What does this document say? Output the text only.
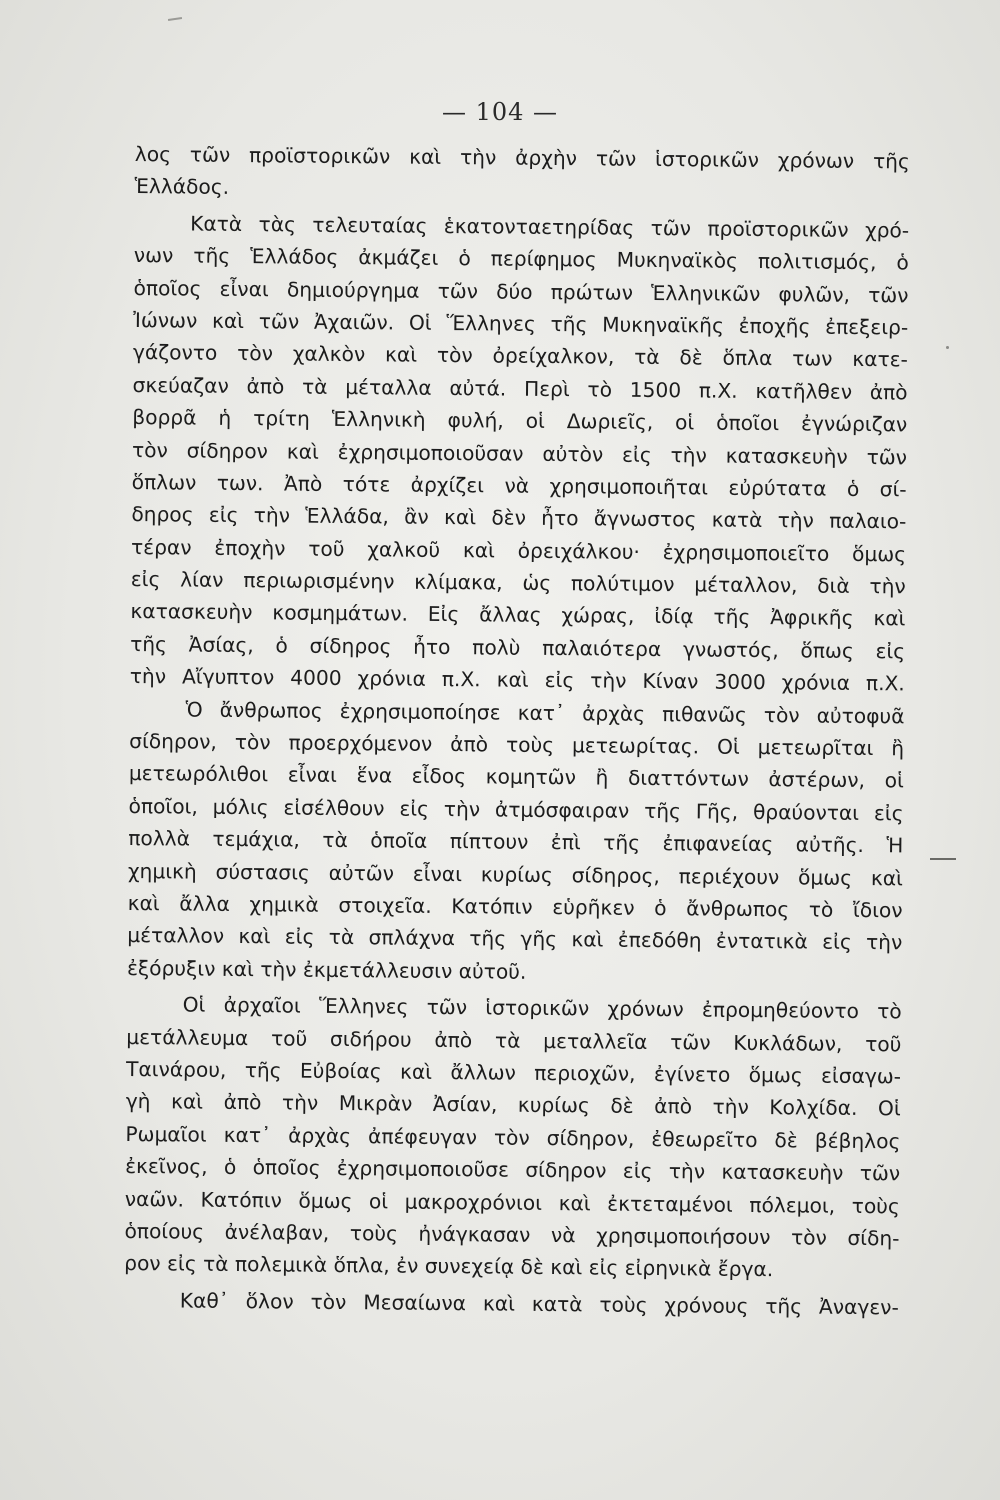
— 104 —
λος τῶν προϊστορικῶν καὶ τὴν ἀρχὴν τῶν ἱστορικῶν χρόνων τῆς
Ἑλλάδος.
Κατὰ τὰς τελευταίας ἑκατονταετηρίδας τῶν προϊστορικῶν χρό-
νων τῆς Ἑλλάδος ἀκμάζει ὁ περίφημος Μυκηναϊκὸς πολιτισμός, ὁ
ὁποῖος εἶναι δημιούργημα τῶν δύο πρώτων Ἑλληνικῶν φυλῶν, τῶν
Ἰώνων καὶ τῶν Ἀχαιῶν. Οἱ Ἕλληνες τῆς Μυκηναϊκῆς ἐποχῆς ἐπεξειρ-
γάζοντο τὸν χαλκὸν καὶ τὸν ὀρείχαλκον, τὰ δὲ ὅπλα των κατε-
σκεύαζαν ἀπὸ τὰ μέταλλα αὐτά. Περὶ τὸ 1500 π.Χ. κατῆλθεν ἀπὸ
βορρᾶ ἡ τρίτη Ἑλληνικὴ φυλή, οἱ Δωριεῖς, οἱ ὁποῖοι ἐγνώριζαν
τὸν σίδηρον καὶ ἐχρησιμοποιοῦσαν αὐτὸν εἰς τὴν κατασκευὴν τῶν
ὅπλων των. Ἀπὸ τότε ἀρχίζει νὰ χρησιμοποιῆται εὐρύτατα ὁ σί-
δηρος εἰς τὴν Ἑλλάδα, ἂν καὶ δὲν ἦτο ἄγνωστος κατὰ τὴν παλαιο-
τέραν ἐποχὴν τοῦ χαλκοῦ καὶ ὀρειχάλκου· ἐχρησιμοποιεῖτο ὅμως
εἰς λίαν περιωρισμένην κλίμακα, ὡς πολύτιμον μέταλλον, διὰ τὴν
κατασκευὴν κοσμημάτων. Εἰς ἄλλας χώρας, ἰδίᾳ τῆς Ἀφρικῆς καὶ
τῆς Ἀσίας, ὁ σίδηρος ἦτο πολὺ παλαιότερα γνωστός, ὅπως εἰς
τὴν Αἴγυπτον 4000 χρόνια π.Χ. καὶ εἰς τὴν Κίναν 3000 χρόνια π.Χ.
Ὁ ἄνθρωπος ἐχρησιμοποίησε κατ᾽ ἀρχὰς πιθανῶς τὸν αὐτοφυᾶ
σίδηρον, τὸν προερχόμενον ἀπὸ τοὺς μετεωρίτας. Οἱ μετεωρῖται ἢ
μετεωρόλιθοι εἶναι ἕνα εἶδος κομητῶν ἢ διαττόντων ἀστέρων, οἱ
ὁποῖοι, μόλις εἰσέλθουν εἰς τὴν ἀτμόσφαιραν τῆς Γῆς, θραύονται εἰς
πολλὰ τεμάχια, τὰ ὁποῖα πίπτουν ἐπὶ τῆς ἐπιφανείας αὐτῆς. Ἡ
χημικὴ σύστασις αὐτῶν εἶναι κυρίως σίδηρος, περιέχουν ὅμως καὶ
καὶ ἄλλα χημικὰ στοιχεῖα. Κατόπιν εὑρῆκεν ὁ ἄνθρωπος τὸ ἴδιον
μέταλλον καὶ εἰς τὰ σπλάχνα τῆς γῆς καὶ ἐπεδόθη ἐντατικὰ εἰς τὴν
ἐξόρυξιν καὶ τὴν ἐκμετάλλευσιν αὐτοῦ.
Οἱ ἀρχαῖοι Ἕλληνες τῶν ἱστορικῶν χρόνων ἐπρομηθεύοντο τὸ
μετάλλευμα τοῦ σιδήρου ἀπὸ τὰ μεταλλεῖα τῶν Κυκλάδων, τοῦ
Ταινάρου, τῆς Εὐβοίας καὶ ἄλλων περιοχῶν, ἐγίνετο ὅμως εἰσαγω-
γὴ καὶ ἀπὸ τὴν Μικρὰν Ἀσίαν, κυρίως δὲ ἀπὸ τὴν Κολχίδα. Οἱ
Ρωμαῖοι κατ᾽ ἀρχὰς ἀπέφευγαν τὸν σίδηρον, ἐθεωρεῖτο δὲ βέβηλος
ἐκεῖνος, ὁ ὁποῖος ἐχρησιμοποιοῦσε σίδηρον εἰς τὴν κατασκευὴν τῶν
ναῶν. Κατόπιν ὅμως οἱ μακροχρόνιοι καὶ ἐκτεταμένοι πόλεμοι, τοὺς
ὁποίους ἀνέλαβαν, τοὺς ἠνάγκασαν νὰ χρησιμοποιήσουν τὸν σίδη-
ρον εἰς τὰ πολεμικὰ ὅπλα, ἐν συνεχείᾳ δὲ καὶ εἰς εἰρηνικὰ ἔργα.
Καθ᾽ ὅλον τὸν Μεσαίωνα καὶ κατὰ τοὺς χρόνους τῆς Ἀναγεν-
